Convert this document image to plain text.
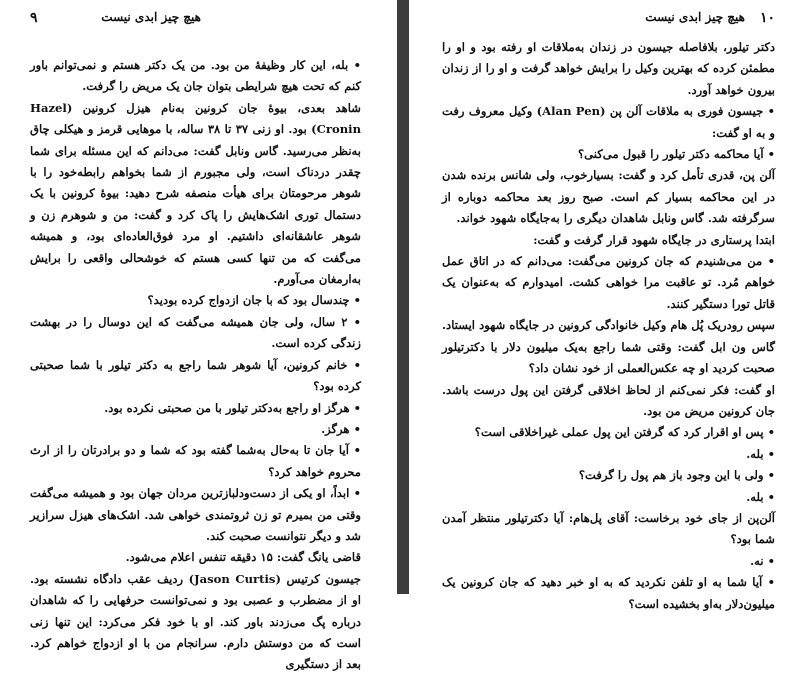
هیچ چیز ابدی نیست
۹

• بله، این کار وظیفهٔ من بود. من یک دکتر هستم و نمی‌توانم باور کنم که تحت هیچ شرایطی بتوان جان یک مریض را گرفت.

شاهد بعدی، بیوهٔ جان کرونین به‌نام هیزل کرونین (Hazel Cronin) بود. او زنی ۳۷ تا ۳۸ ساله، با موهایی قرمز و هیکلی چاق به‌نظر می‌رسید. گاس ونابل گفت: می‌دانم که این مسئله برای شما چقدر دردناک است، ولی مجبورم از شما بخواهم رابطه‌خود را با شوهر مرحومتان برای هیأت منصفه شرح دهید: بیوهٔ کرونین با یک دستمال توری اشک‌هایش را پاک کرد و گفت: من و شوهرم زن و شوهر عاشقانه‌ای داشتیم. او مرد فوق‌العاده‌ای بود، و همیشه می‌گفت که من تنها کسی هستم که خوشحالی واقعی را برایش به‌ارمغان می‌آورم.

• چندسال بود که با جان ازدواج کرده بودید؟

• ۲ سال، ولی جان همیشه می‌گفت که این دوسال را در بهشت زندگی کرده است.

• خانم کرونین، آیا شوهر شما راجع به دکتر تیلور با شما صحبتی کرده بود؟

• هرگز او راجع به‌دکتر تیلور با من صحبتی نکرده بود.

• هرگز.

• آیا جان تا به‌حال به‌شما گفته بود که شما و دو برادرتان را از ارث محروم خواهد کرد؟

• ابداً، او یکی از دست‌ودلبازترین مردان جهان بود و همیشه می‌گفت وقتی من بمیرم تو زن ثروتمندی خواهی شد. اشک‌های هیزل سرازیر شد و دیگر نتوانست صحبت کند.

قاضی یانگ گفت: ۱۵ دقیقه تنفس اعلام می‌شود.

جیسون کرتیس (Jason Curtis) ردیف عقب دادگاه نشسته بود. او از مضطرب و عصبی بود و نمی‌توانست حرفهایی را که شاهدان درباره پگ می‌زدند باور کند. او با خود فکر می‌کرد: این تنها زنی است که من دوستش دارم. سرانجام من با او ازدواج خواهم کرد. بعد از دستگیری

۱۰
هیچ چیز ابدی نیست

دکتر تیلور، بلافاصله جیسون در زندان به‌ملاقات او رفته بود و او را مطمئن کرده که بهترین وکیل را برایش خواهد گرفت و او را از زندان بیرون خواهد آورد.

• جیسون فوری به ملاقات آلن پن (Alan Pen) وکیل معروف رفت و به او گفت:

• آیا محاکمه دکتر تیلور را قبول می‌کنی؟

آلن پن، قدری تأمل کرد و گفت: بسیارخوب، ولی شانس برنده شدن در این محاکمه بسیار کم است. صبح روز بعد محاکمه دوباره از سرگرفته شد. گاس ونابل شاهدان دیگری را به‌جایگاه شهود خواند.

ابتدا پرستاری در جایگاه شهود قرار گرفت و گفت:

• من می‌شنیدم که جان کرونین می‌گفت: می‌دانم که در اتاق عمل خواهم مُرد. تو عاقبت مرا خواهی کشت. امیدوارم که به‌عنوان یک قاتل تورا دستگیر کنند.

سپس رودریک پُل هام وکیل خانوادگی کرونین در جایگاه شهود ایستاد. گاس ون ابل گفت: وقتی شما راجع به‌یک میلیون دلار با دکترتیلور صحبت کردید او چه عکس‌العملی از خود نشان داد؟

او گفت: فکر نمی‌کنم از لحاظ اخلاقی گرفتن این پول درست باشد. جان کرونین مریض من بود.

• پس او اقرار کرد که گرفتن این پول عملی غیراخلاقی است؟

• بله.

• ولی با این وجود باز هم پول را گرفت؟

• بله.

آلن‌پن از جای خود برخاست: آقای پل‌هام: آیا دکترتیلور منتظر آمدن شما بود؟

• نه.

• آیا شما به او تلفن نکردید که به او خبر دهید که جان کرونین یک میلیون‌دلار به‌او بخشیده است؟
